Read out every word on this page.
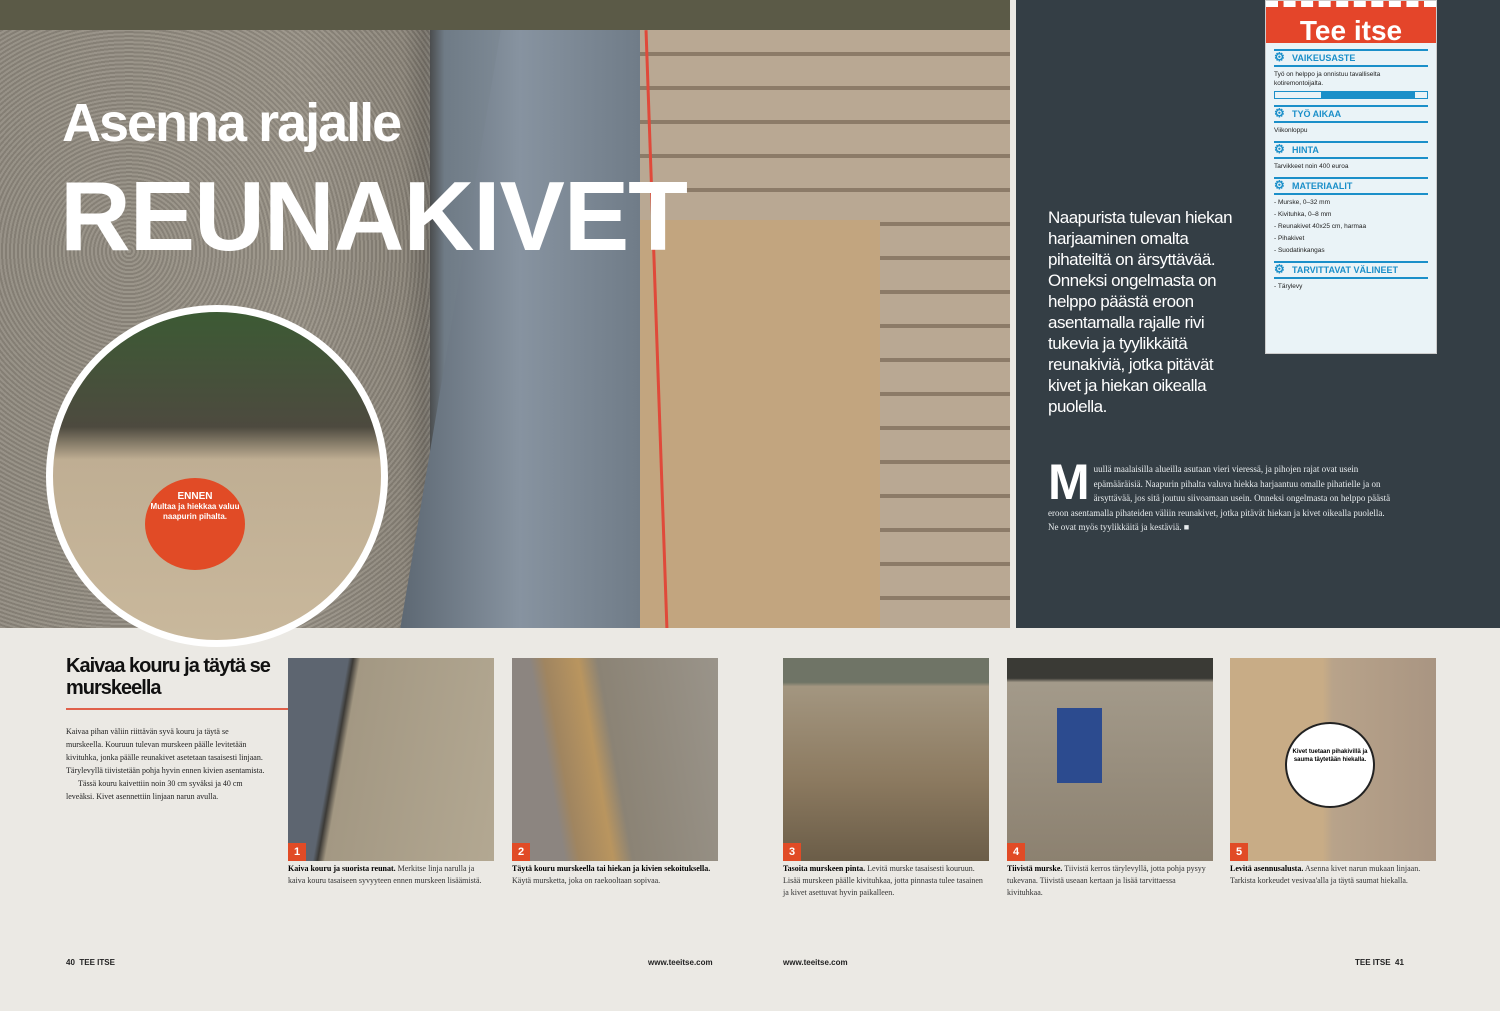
Asenna rajalle
REUNAKIVET
ENNEN
Multaa ja hiekkaa valuu naapurin pihalta.
Naapurista tulevan hiekan harjaaminen omalta pihateiltä on ärsyttävää. Onneksi ongelmasta on helppo päästä eroon asentamalla rajalle rivi tukevia ja tyylikkäitä reunakiviä, jotka pitävät kivet ja hiekan oikealla puolella.
Muullä maalaisilla alueilla asutaan vieri vieressä, ja pihojen rajat ovat usein epämääräisiä. Naapurin pihalta valuva hiekka harjaantuu omalle pihatielle ja on ärsyttävää, jos sitä joutuu siivoamaan usein. Onneksi ongelmasta on helppo päästä eroon asentamalla pihateiden väliin reunakivet, jotka pitävät hiekan ja kivet oikealla puolella. Ne ovat myös tyylikkäitä ja kestäviä. ■
Tee itse
⚙ VAIKEUSASTE

Työ on helppo ja onnistuu tavalliselta kotiremontoijalta.

⚙ TYÖ AIKAA

Viikonloppu

⚙ HINTA

Tarvikkeet noin 400 euroa

⚙ MATERIAALIT

- Murske, 0–32 mm

- Kivituhka, 0–8 mm

- Reunakivet 40x25 cm, harmaa

- Pihakivet

- Suodatinkangas

⚙ TARVITTAVAT VÄLINEET

- Tärylevy

Kaivaa kouru ja täytä se murskeella

Kaivaa pihan väliin riittävän syvä kouru ja täytä se murskeella. Kouruun tulevan murskeen päälle levitetään kivituhka, jonka päälle reunakivet asetetaan tasaisesti linjaan. Tärylevyllä tiivistetään pohja hyvin ennen kivien asentamista.

Tässä kouru kaivettiin noin 30 cm syväksi ja 40 cm leveäksi. Kivet asennettiin linjaan narun avulla.

1	2	3	4	5
Kivet tuetaan pihakivillä ja sauma täytetään hiekalla.
Kaiva kouru ja suorista reunat. Merkitse linja narulla ja kaiva kouru tasaiseen syvyyteen ennen murskeen lisäämistä.
Täytä kouru murskeella tai hiekan ja kivien sekoituksella. Käytä mursketta, joka on raekooltaan sopivaa.
Tasoita murskeen pinta. Levitä murske tasaisesti kouruun. Lisää murskeen päälle kivituhkaa, jotta pinnasta tulee tasainen ja kivet asettuvat hyvin paikalleen.
Tiivistä murske. Tiivistä kerros tärylevyllä, jotta pohja pysyy tukevana. Tiivistä useaan kertaan ja lisää tarvittaessa kivituhkaa.
Levitä asennusalusta. Asenna kivet narun mukaan linjaan. Tarkista korkeudet vesivaa'alla ja täytä saumat hiekalla.
40 TEE ITSE	www.teeitse.com	www.teeitse.com	TEE ITSE 41
